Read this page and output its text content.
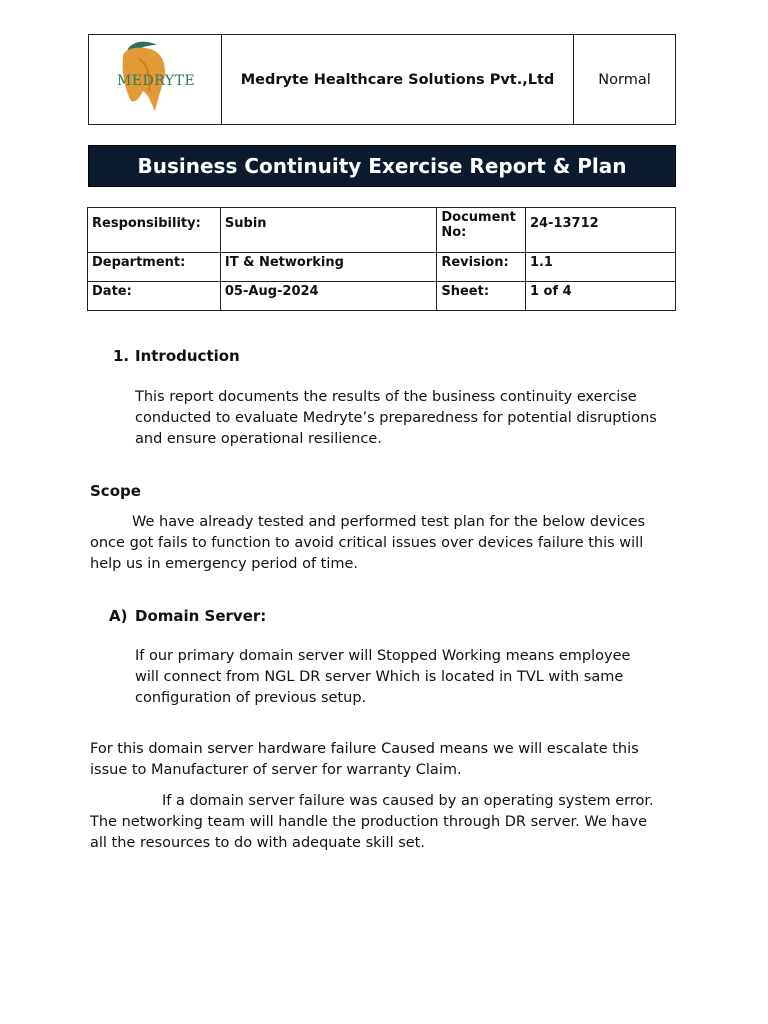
MEDRYTE	Medryte Healthcare Solutions Pvt.,Ltd	Normal
Business Continuity Exercise Report & Plan
Responsibility:	Subin	Document No:	24-13712
Department:	IT & Networking	Revision:	1.1
Date:	05-Aug-2024	Sheet:	1 of 4
1. Introduction
This report documents the results of the business continuity exercise
conducted to evaluate Medryte’s preparedness for potential disruptions
and ensure operational resilience.
Scope
We have already tested and performed test plan for the below devices
once got fails to function to avoid critical issues over devices failure this will
help us in emergency period of time.
A) Domain Server:
If our primary domain server will Stopped Working means employee
will connect from NGL DR server Which is located in TVL with same
configuration of previous setup.
For this domain server hardware failure Caused means we will escalate this
issue to Manufacturer of server for warranty Claim.
If a domain server failure was caused by an operating system error.
The networking team will handle the production through DR server. We have
all the resources to do with adequate skill set.
